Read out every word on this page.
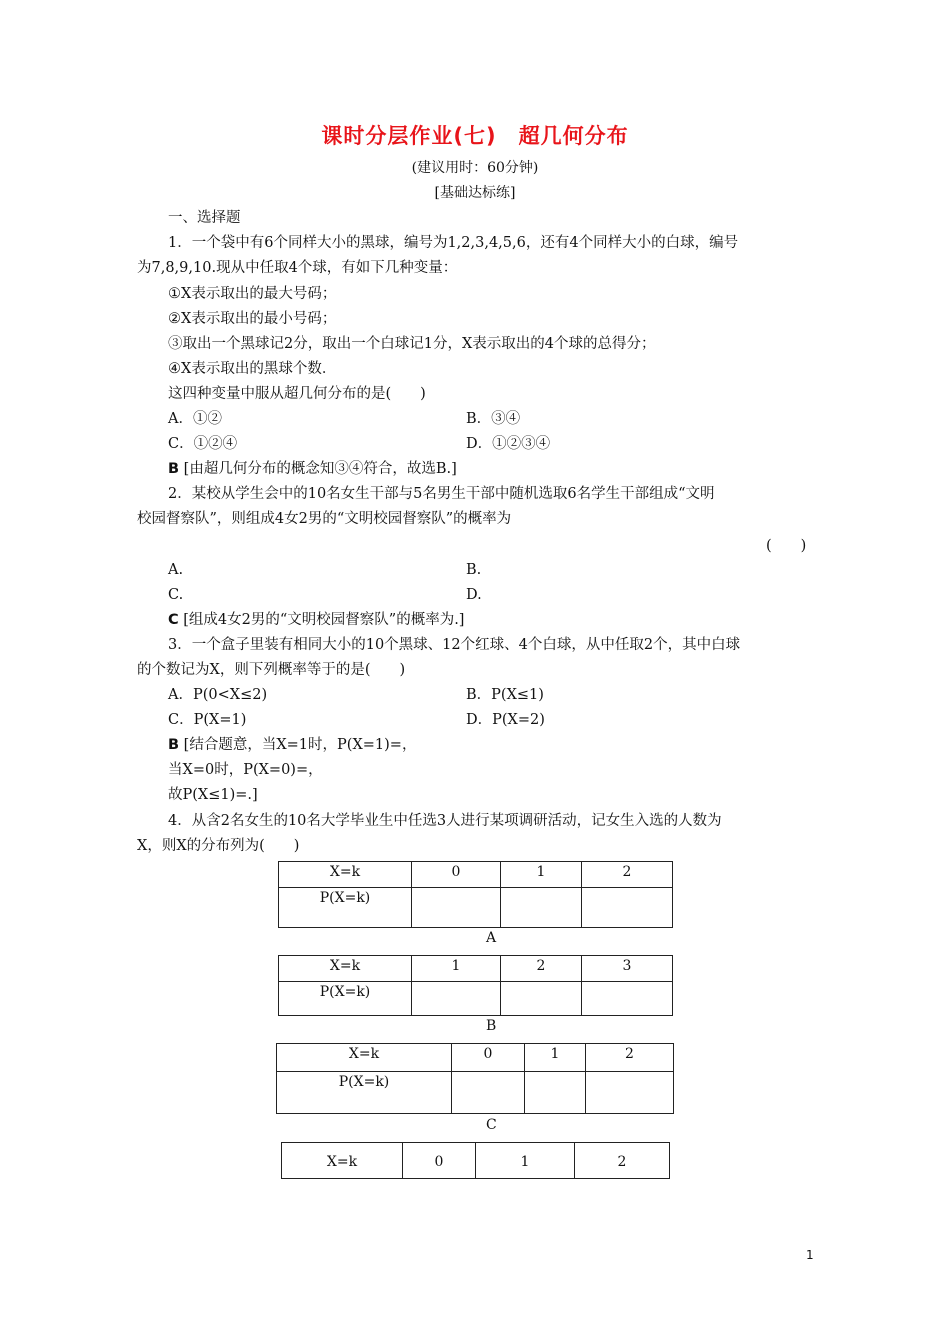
课时分层作业(七)　超几何分布
(建议用时：60分钟)
[基础达标练]
一、选择题
1．一个袋中有6个同样大小的黑球，编号为1,2,3,4,5,6，还有4个同样大小的白球，编号
为7,8,9,10.现从中任取4个球，有如下几种变量：
①X表示取出的最大号码；
②X表示取出的最小号码；
③取出一个黑球记2分，取出一个白球记1分，X表示取出的4个球的总得分；
④X表示取出的黑球个数．
这四种变量中服从超几何分布的是(　　)
A．①②	B．③④
C．①②④	D．①②③④
B [由超几何分布的概念知③④符合，故选B.]
2．某校从学生会中的10名女生干部与5名男生干部中随机选取6名学生干部组成“文明
校园督察队”，则组成4女2男的“文明校园督察队”的概率为
(　　)
A.	B.
C.	D.
C [组成4女2男的“文明校园督察队”的概率为.]
3．一个盒子里装有相同大小的10个黑球、12个红球、4个白球，从中任取2个，其中白球
的个数记为X，则下列概率等于的是(　　)
A．P(0<X≤2)	B．P(X≤1)
C．P(X=1)	D．P(X=2)
B [结合题意，当X=1时，P(X=1)=，
当X=0时，P(X=0)=，
故P(X≤1)=.]
4．从含2名女生的10名大学毕业生中任选3人进行某项调研活动，记女生入选的人数为
X，则X的分布列为(　　)
X=k	0	1	2
P(X=k)			
A
X=k	1	2	3
P(X=k)			
B
X=k	0	1	2
P(X=k)			
C
X=k	0	1	2
1
